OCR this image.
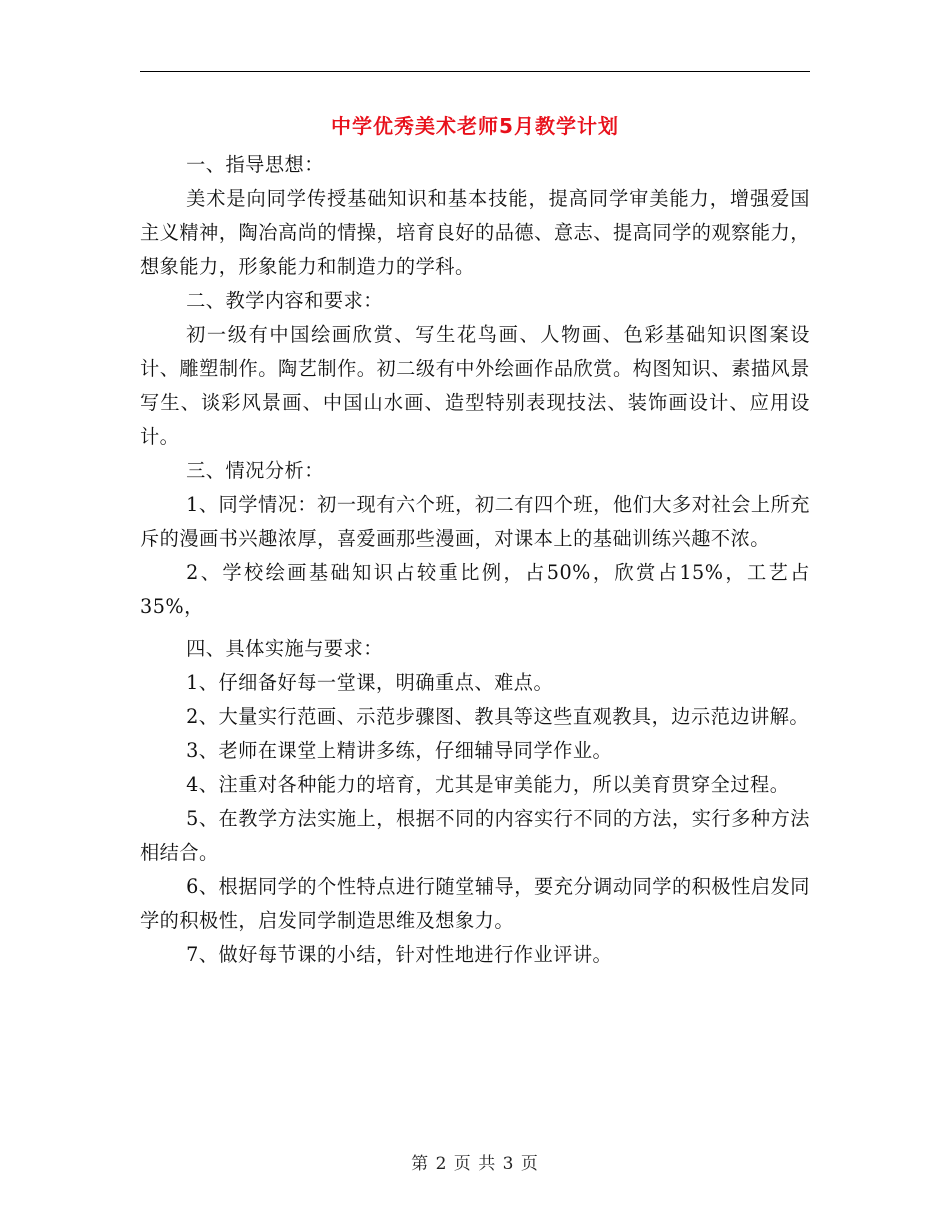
中学优秀美术老师5月教学计划

一、指导思想：

美术是向同学传授基础知识和基本技能，提高同学审美能力，增强爱国主义精神，陶冶高尚的情操，培育良好的品德、意志、提高同学的观察能力，想象能力，形象能力和制造力的学科。

二、教学内容和要求：

初一级有中国绘画欣赏、写生花鸟画、人物画、色彩基础知识图案设计、雕塑制作。陶艺制作。初二级有中外绘画作品欣赏。构图知识、素描风景写生、谈彩风景画、中国山水画、造型特别表现技法、装饰画设计、应用设计。

三、情况分析：

1、同学情况：初一现有六个班，初二有四个班，他们大多对社会上所充斥的漫画书兴趣浓厚，喜爱画那些漫画，对课本上的基础训练兴趣不浓。

2、学校绘画基础知识占较重比例，占50%，欣赏占15%，工艺占35%，

四、具体实施与要求：

1、仔细备好每一堂课，明确重点、难点。

2、大量实行范画、示范步骤图、教具等这些直观教具，边示范边讲解。

3、老师在课堂上精讲多练，仔细辅导同学作业。

4、注重对各种能力的培育，尤其是审美能力，所以美育贯穿全过程。

5、在教学方法实施上，根据不同的内容实行不同的方法，实行多种方法相结合。

6、根据同学的个性特点进行随堂辅导，要充分调动同学的积极性启发同学的积极性，启发同学制造思维及想象力。

7、做好每节课的小结，针对性地进行作业评讲。

第 2 页 共 3 页
